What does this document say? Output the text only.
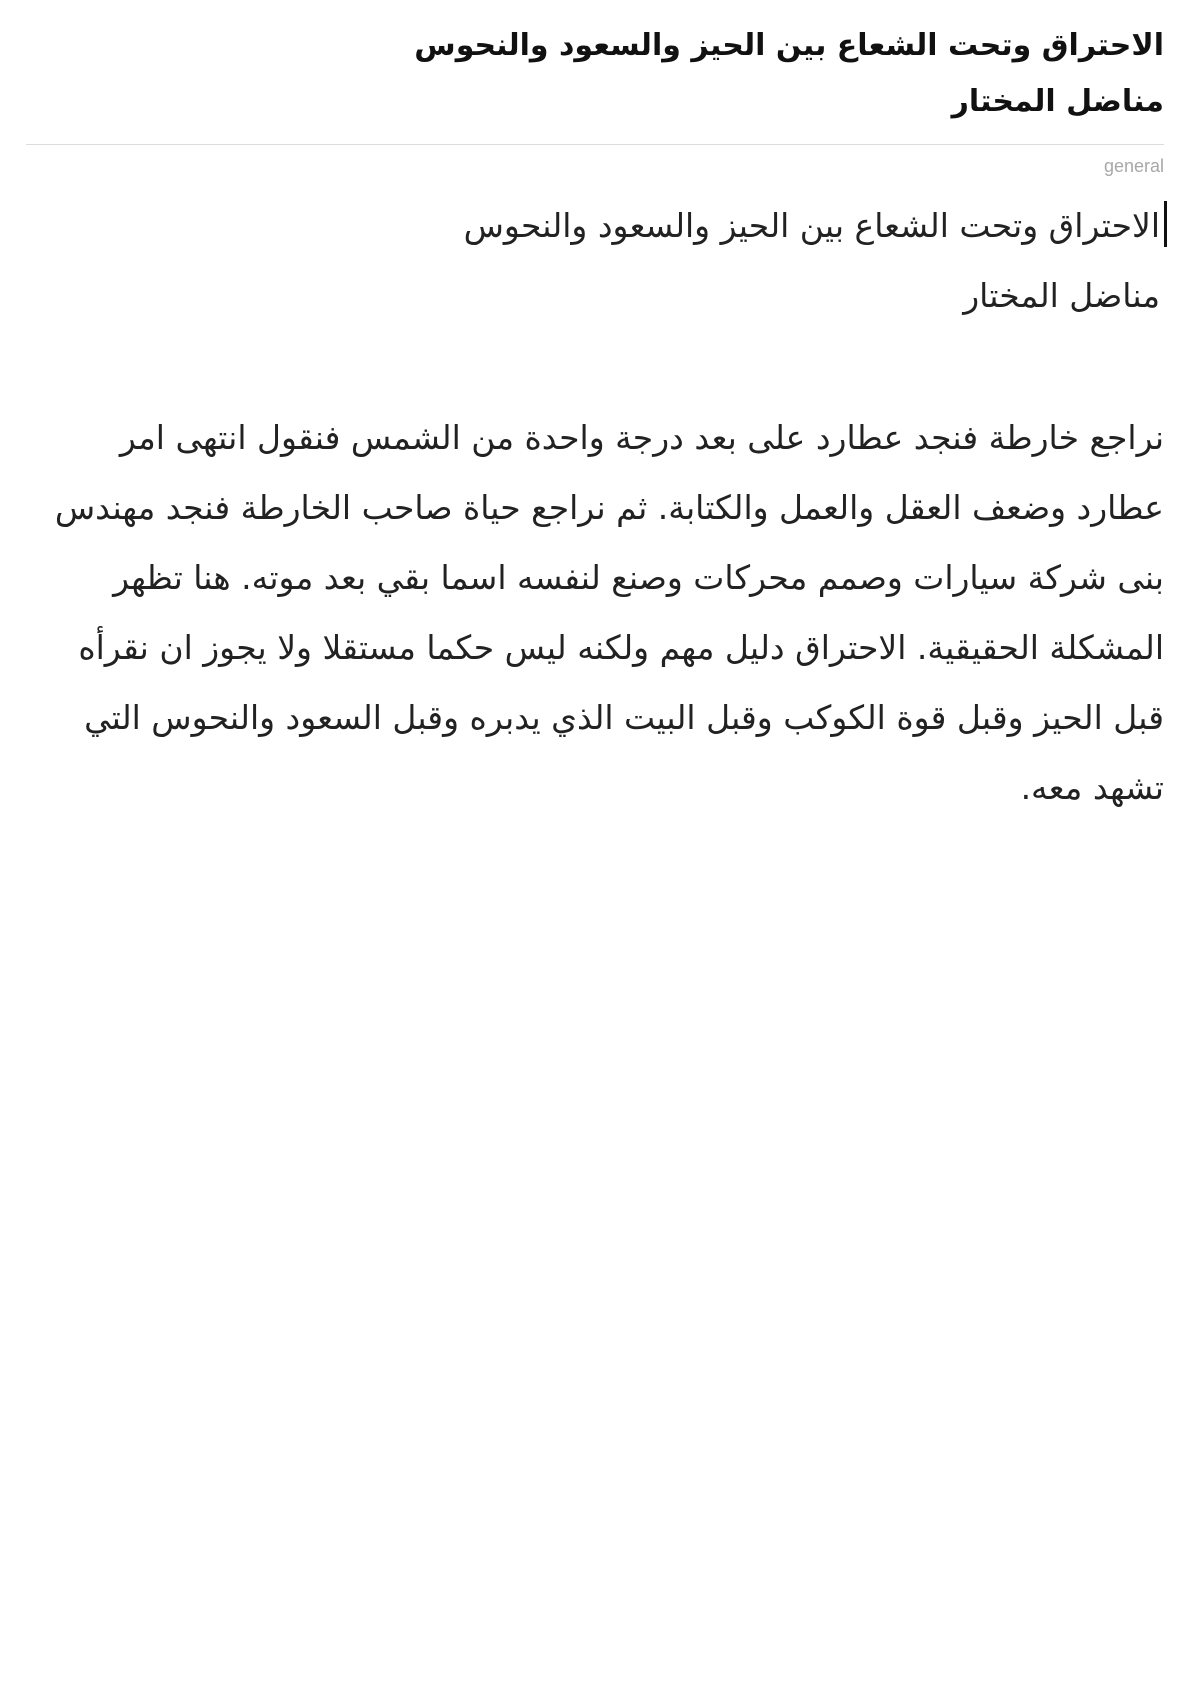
الاحتراق وتحت الشعاع بين الحيز والسعود والنحوس
مناضل المختار
general
الاحتراق وتحت الشعاع بين الحيز والسعود والنحوس
مناضل المختار

نراجع خارطة فنجد عطارد على بعد درجة واحدة من الشمس فنقول انتهى امر عطارد وضعف العقل والعمل والكتابة. ثم نراجع حياة صاحب الخارطة فنجد مهندس بنى شركة سيارات وصمم محركات وصنع لنفسه اسما بقي بعد موته. هنا تظهر المشكلة الحقيقية. الاحتراق دليل مهم ولكنه ليس حكما مستقلا ولا يجوز ان نقرأه قبل الحيز وقبل قوة الكوكب وقبل البيت الذي يدبره وقبل السعود والنحوس التي تشهد معه.
